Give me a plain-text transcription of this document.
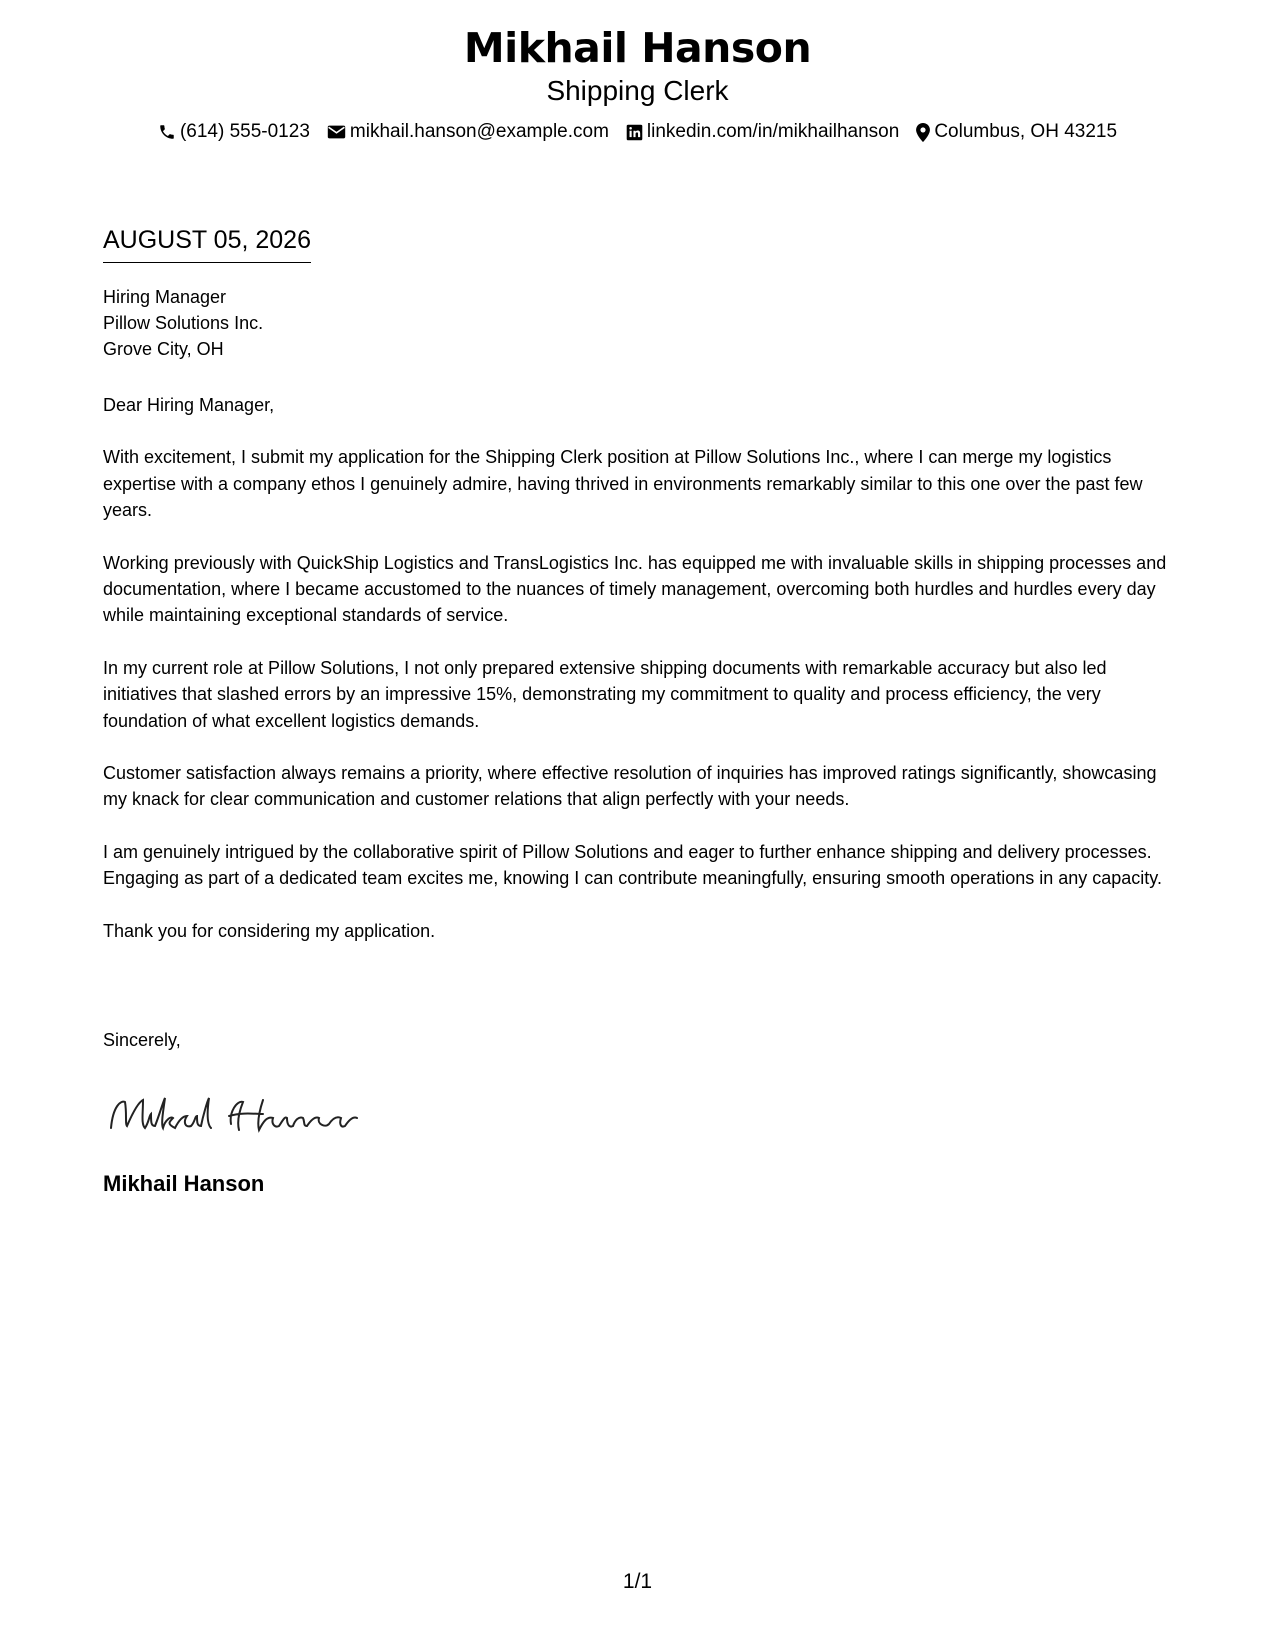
Mikhail Hanson
Shipping Clerk
(614) 555-0123 mikhail.hanson@example.com linkedin.com/in/mikhailhanson Columbus, OH 43215
AUGUST 05, 2026
Hiring Manager
Pillow Solutions Inc.
Grove City, OH

Dear Hiring Manager,

With excitement, I submit my application for the Shipping Clerk position at Pillow Solutions Inc., where I can merge my logistics expertise with a company ethos I genuinely admire, having thrived in environments remarkably similar to this one over the past few years.

Working previously with QuickShip Logistics and TransLogistics Inc. has equipped me with invaluable skills in shipping processes and documentation, where I became accustomed to the nuances of timely management, overcoming both hurdles and hurdles every day while maintaining exceptional standards of service.

In my current role at Pillow Solutions, I not only prepared extensive shipping documents with remarkable accuracy but also led initiatives that slashed errors by an impressive 15%, demonstrating my commitment to quality and process efficiency, the very foundation of what excellent logistics demands.

Customer satisfaction always remains a priority, where effective resolution of inquiries has improved ratings significantly, showcasing my knack for clear communication and customer relations that align perfectly with your needs.

I am genuinely intrigued by the collaborative spirit of Pillow Solutions and eager to further enhance shipping and delivery processes. Engaging as part of a dedicated team excites me, knowing I can contribute meaningfully, ensuring smooth operations in any capacity.

Thank you for considering my application.

Sincerely,
Mikhail Hanson
1/1
